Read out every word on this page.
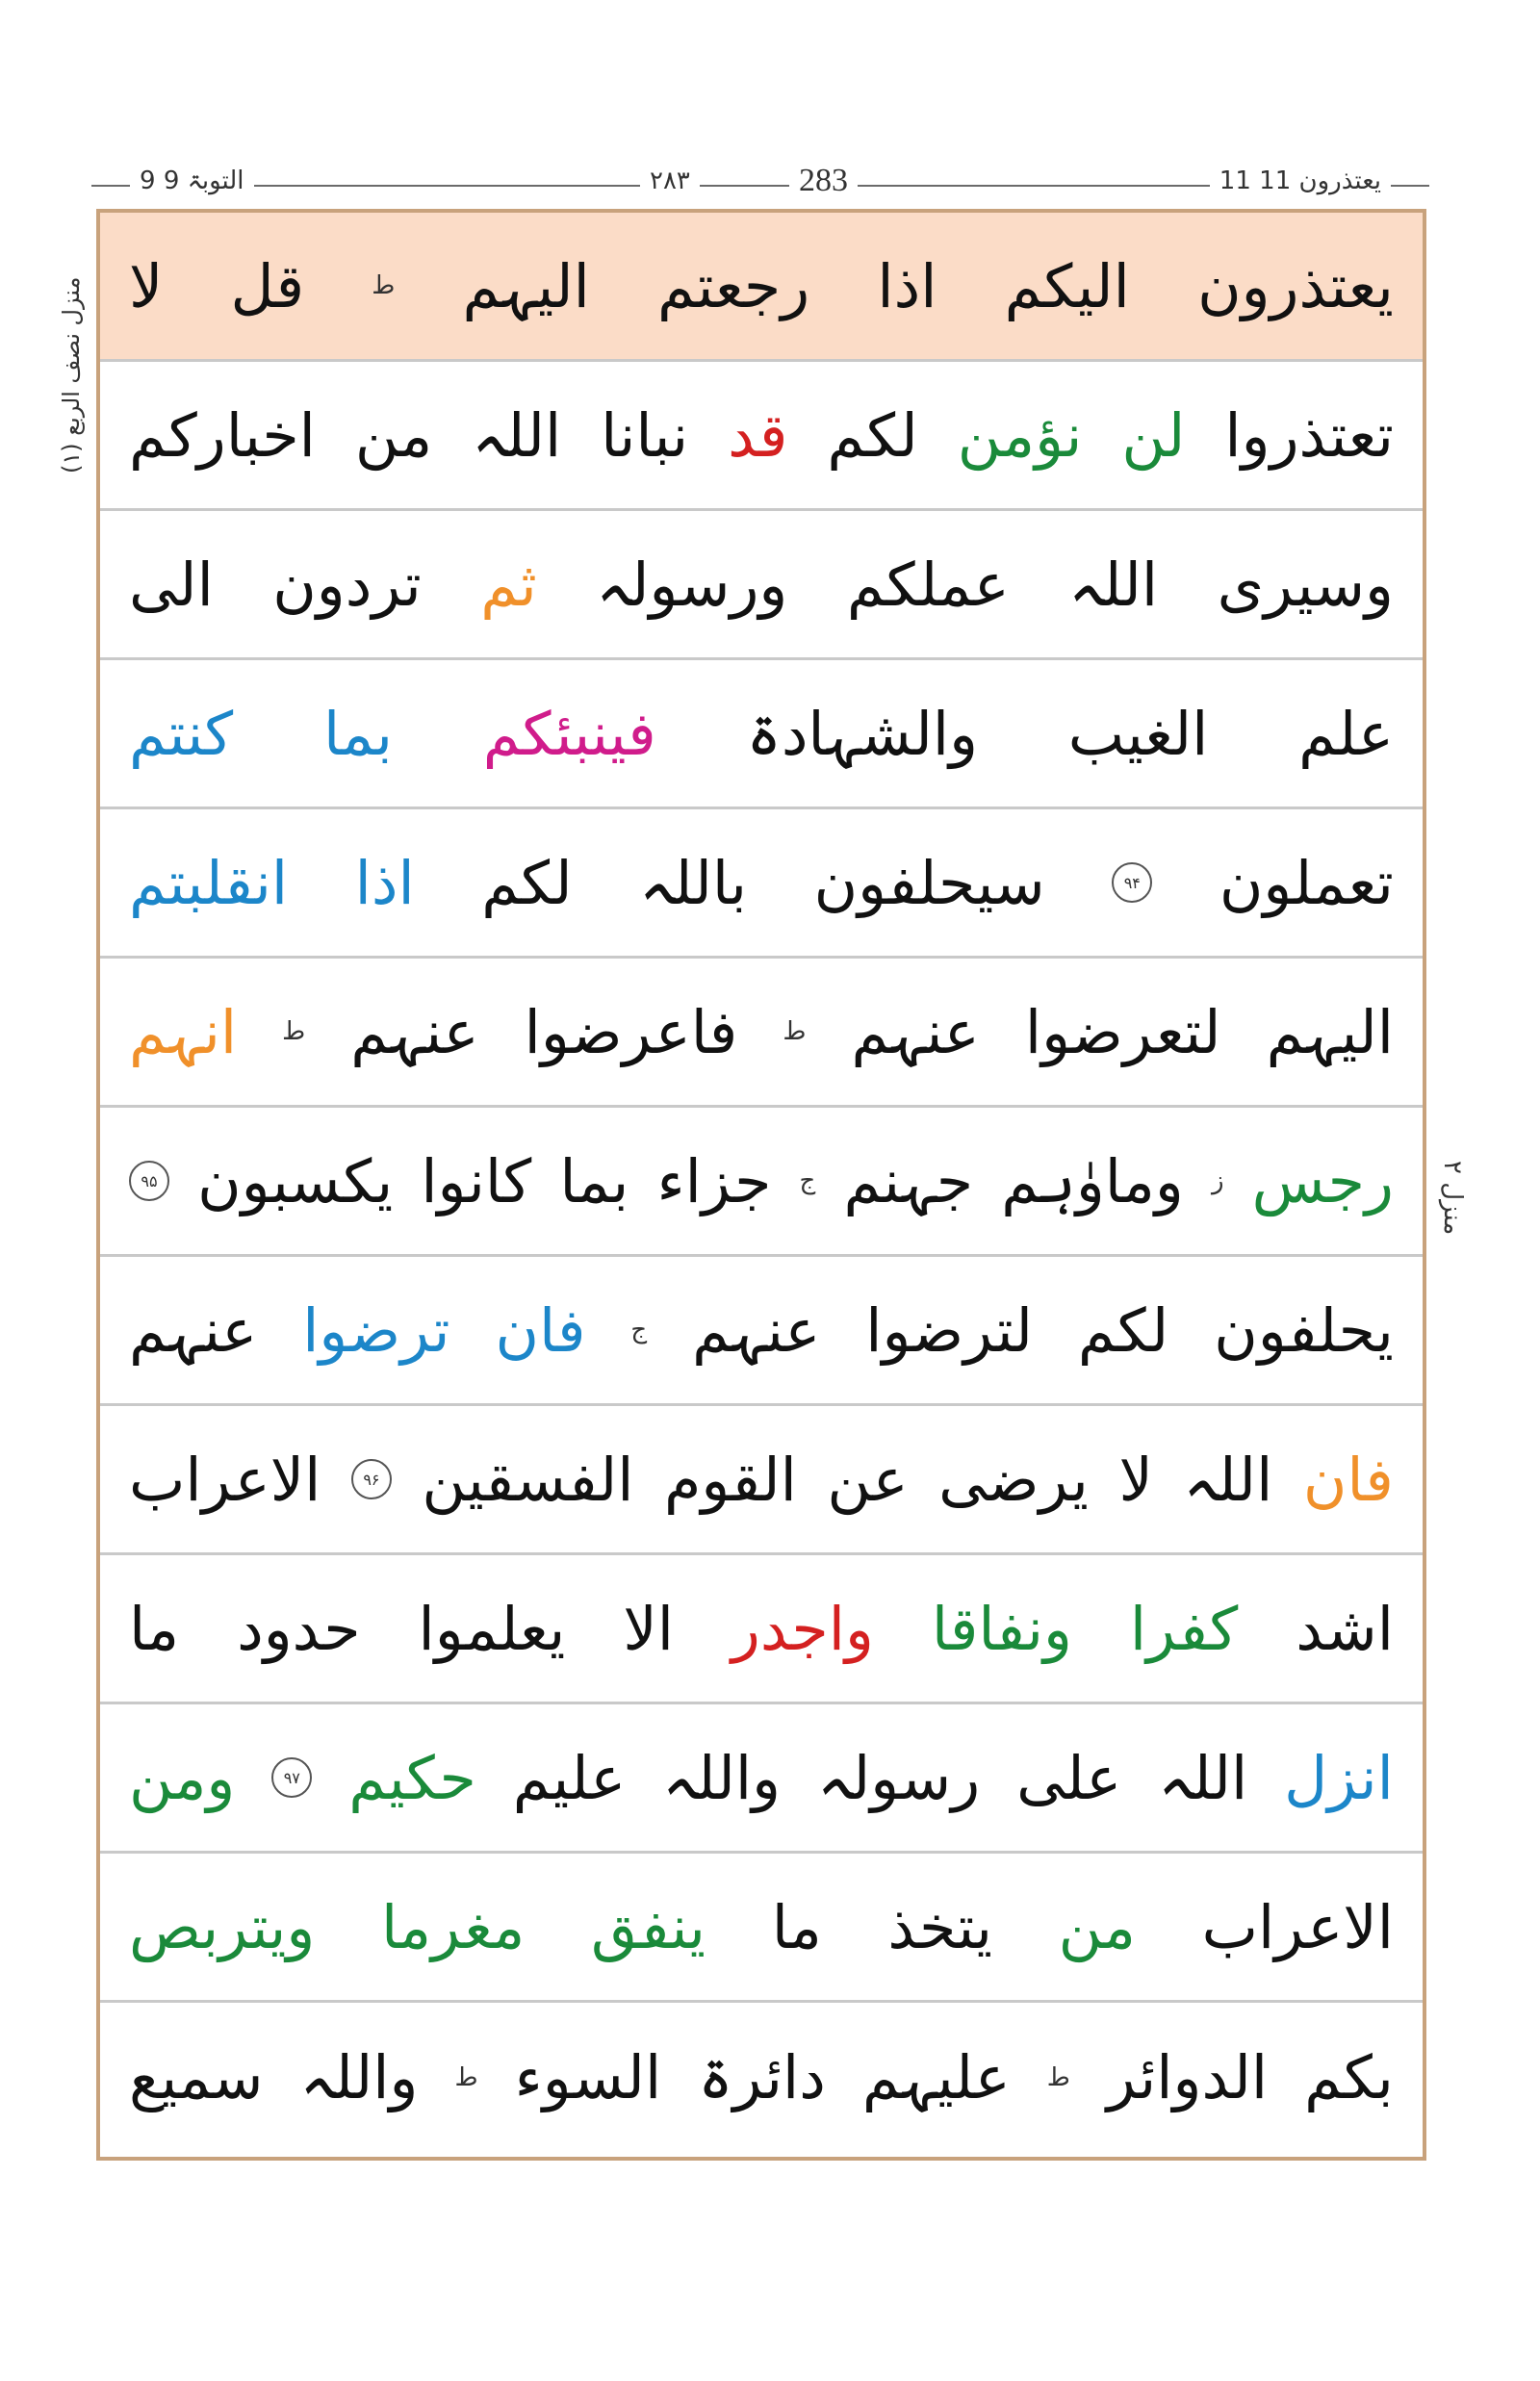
9 التوبۃ 9	۲۸۳	283	11 یعتذرون 11
(۱) منزل نصف الربع
منزل ۲
یعتذرون
الیکم
اذا
رجعتم
الیہم
ط
قل
لا
تعتذروا
لن
نؤمن
لکم
قد
نبانا
اللہ
من
اخبارکم
وسیری
اللہ
عملکم
ورسولہ
ثم
تردون
الی
علم
الغیب
والشہادۃ
فینبئکم
بما
کنتم
تعملون
۹۴
سیحلفون
باللہ
لکم
اذا
انقلبتم
الیہم
لتعرضوا
عنہم
ط
فاعرضوا
عنہم
ط
انہم
رجس
ز
وماوٰہم
جہنم
ج
جزاء
بما
کانوا
یکسبون
۹۵
یحلفون
لکم
لترضوا
عنہم
ج
فان
ترضوا
عنہم
فان
اللہ
لا
یرضی
عن
القوم
الفسقین
۹۶
الاعراب
اشد
کفرا
ونفاقا
واجدر
الا
یعلموا
حدود
ما
انزل
اللہ
علی
رسولہ
واللہ
علیم
حکیم
۹۷
ومن
الاعراب
من
یتخذ
ما
ینفق
مغرما
ویتربص
بکم
الدوائر
ط
علیہم
دائرۃ
السوء
ط
واللہ
سمیع
